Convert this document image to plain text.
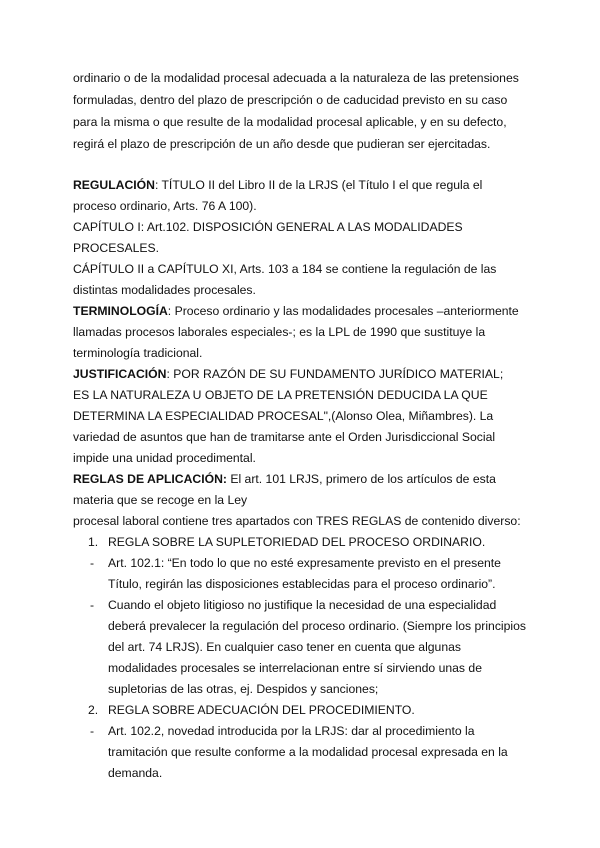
ordinario o de la modalidad procesal adecuada a la naturaleza de las pretensiones
formuladas, dentro del plazo de prescripción o de caducidad previsto en su caso
para la misma o que resulte de la modalidad procesal aplicable, y en su defecto,
regirá el plazo de prescripción de un año desde que pudieran ser ejercitadas.
REGULACIÓN: TÍTULO II del Libro II de la LRJS (el Título I el que regula el
proceso ordinario, Arts. 76 A 100).
CAPÍTULO I: Art.102. DISPOSICIÓN GENERAL A LAS MODALIDADES
PROCESALES.
CÁPÍTULO II a CAPÍTULO XI, Arts. 103 a 184 se contiene la regulación de las
distintas modalidades procesales.
TERMINOLOGÍA: Proceso ordinario y las modalidades procesales –anteriormente
llamadas procesos laborales especiales-; es la LPL de 1990 que sustituye la
terminología tradicional.
JUSTIFICACIÓN: POR RAZÓN DE SU FUNDAMENTO JURÍDICO MATERIAL;
ES LA NATURALEZA U OBJETO DE LA PRETENSIÓN DEDUCIDA LA QUE
DETERMINA LA ESPECIALIDAD PROCESAL",(Alonso Olea, Miñambres). La
variedad de asuntos que han de tramitarse ante el Orden Jurisdiccional Social
impide una unidad procedimental.
REGLAS DE APLICACIÓN: El art. 101 LRJS, primero de los artículos de esta
materia que se recoge en la Ley
procesal laboral contiene tres apartados con TRES REGLAS de contenido diverso:
1. REGLA SOBRE LA SUPLETORIEDAD DEL PROCESO ORDINARIO.
- Art. 102.1: “En todo lo que no esté expresamente previsto en el presente
Título, regirán las disposiciones establecidas para el proceso ordinario”.
- Cuando el objeto litigioso no justifique la necesidad de una especialidad
deberá prevalecer la regulación del proceso ordinario. (Siempre los principios
del art. 74 LRJS). En cualquier caso tener en cuenta que algunas
modalidades procesales se interrelacionan entre sí sirviendo unas de
supletorias de las otras, ej. Despidos y sanciones;
2. REGLA SOBRE ADECUACIÓN DEL PROCEDIMIENTO.
- Art. 102.2, novedad introducida por la LRJS: dar al procedimiento la
tramitación que resulte conforme a la modalidad procesal expresada en la
demanda.
